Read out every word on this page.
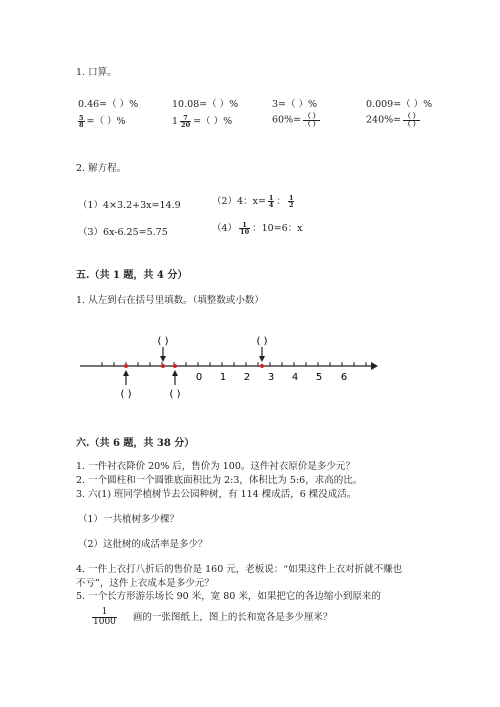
1. 口算。
0.46=（ ）%	10.08=（ ）%	3=（ ）%	0.009=（ ）%
$\frac{5}{8}$ =（ ）%	$1 \frac{7}{20}$ =（ ）%	$60\%= \frac{( )}{( )}$	$240\%= \frac{( )}{( )}$
2. 解方程。
（1）4×3.2+3x=14.9	（2）4：$x= \frac{1}{4}$ ： $\frac{1}{2}$
（3）6x-6.25=5.75	$(4) \frac{1}{10}$ ：10=6：x
五.（共 1 题，共 4 分）
1. 从左到右在括号里填数。（填整数或小数）
0 1 2 3 4 5 6
( )	( )
( )	( )
六.（共 6 题，共 38 分）
1. 一件衬衣降价 20% 后，售价为 100。这件衬衣原价是多少元？
2. 一个圆柱和一个圆锥底面积比为 2:3，体积比为 5:6，求高的比。
3. 六(1) 班同学植树节去公园种树，有 114 棵成活，6 棵没成活。
（1）一共植树多少棵？
（2）这批树的成活率是多少？
4. 一件上衣打八折后的售价是 160 元，老板说：“如果这件上衣对折就不赚也
不亏”，这件上衣成本是多少元？
5. 一个长方形游乐场长 90 米，宽 80 米，如果把它的各边缩小到原来的
$\frac{1}{1000}$ 画的一张图纸上，图上的长和宽各是多少厘米？
